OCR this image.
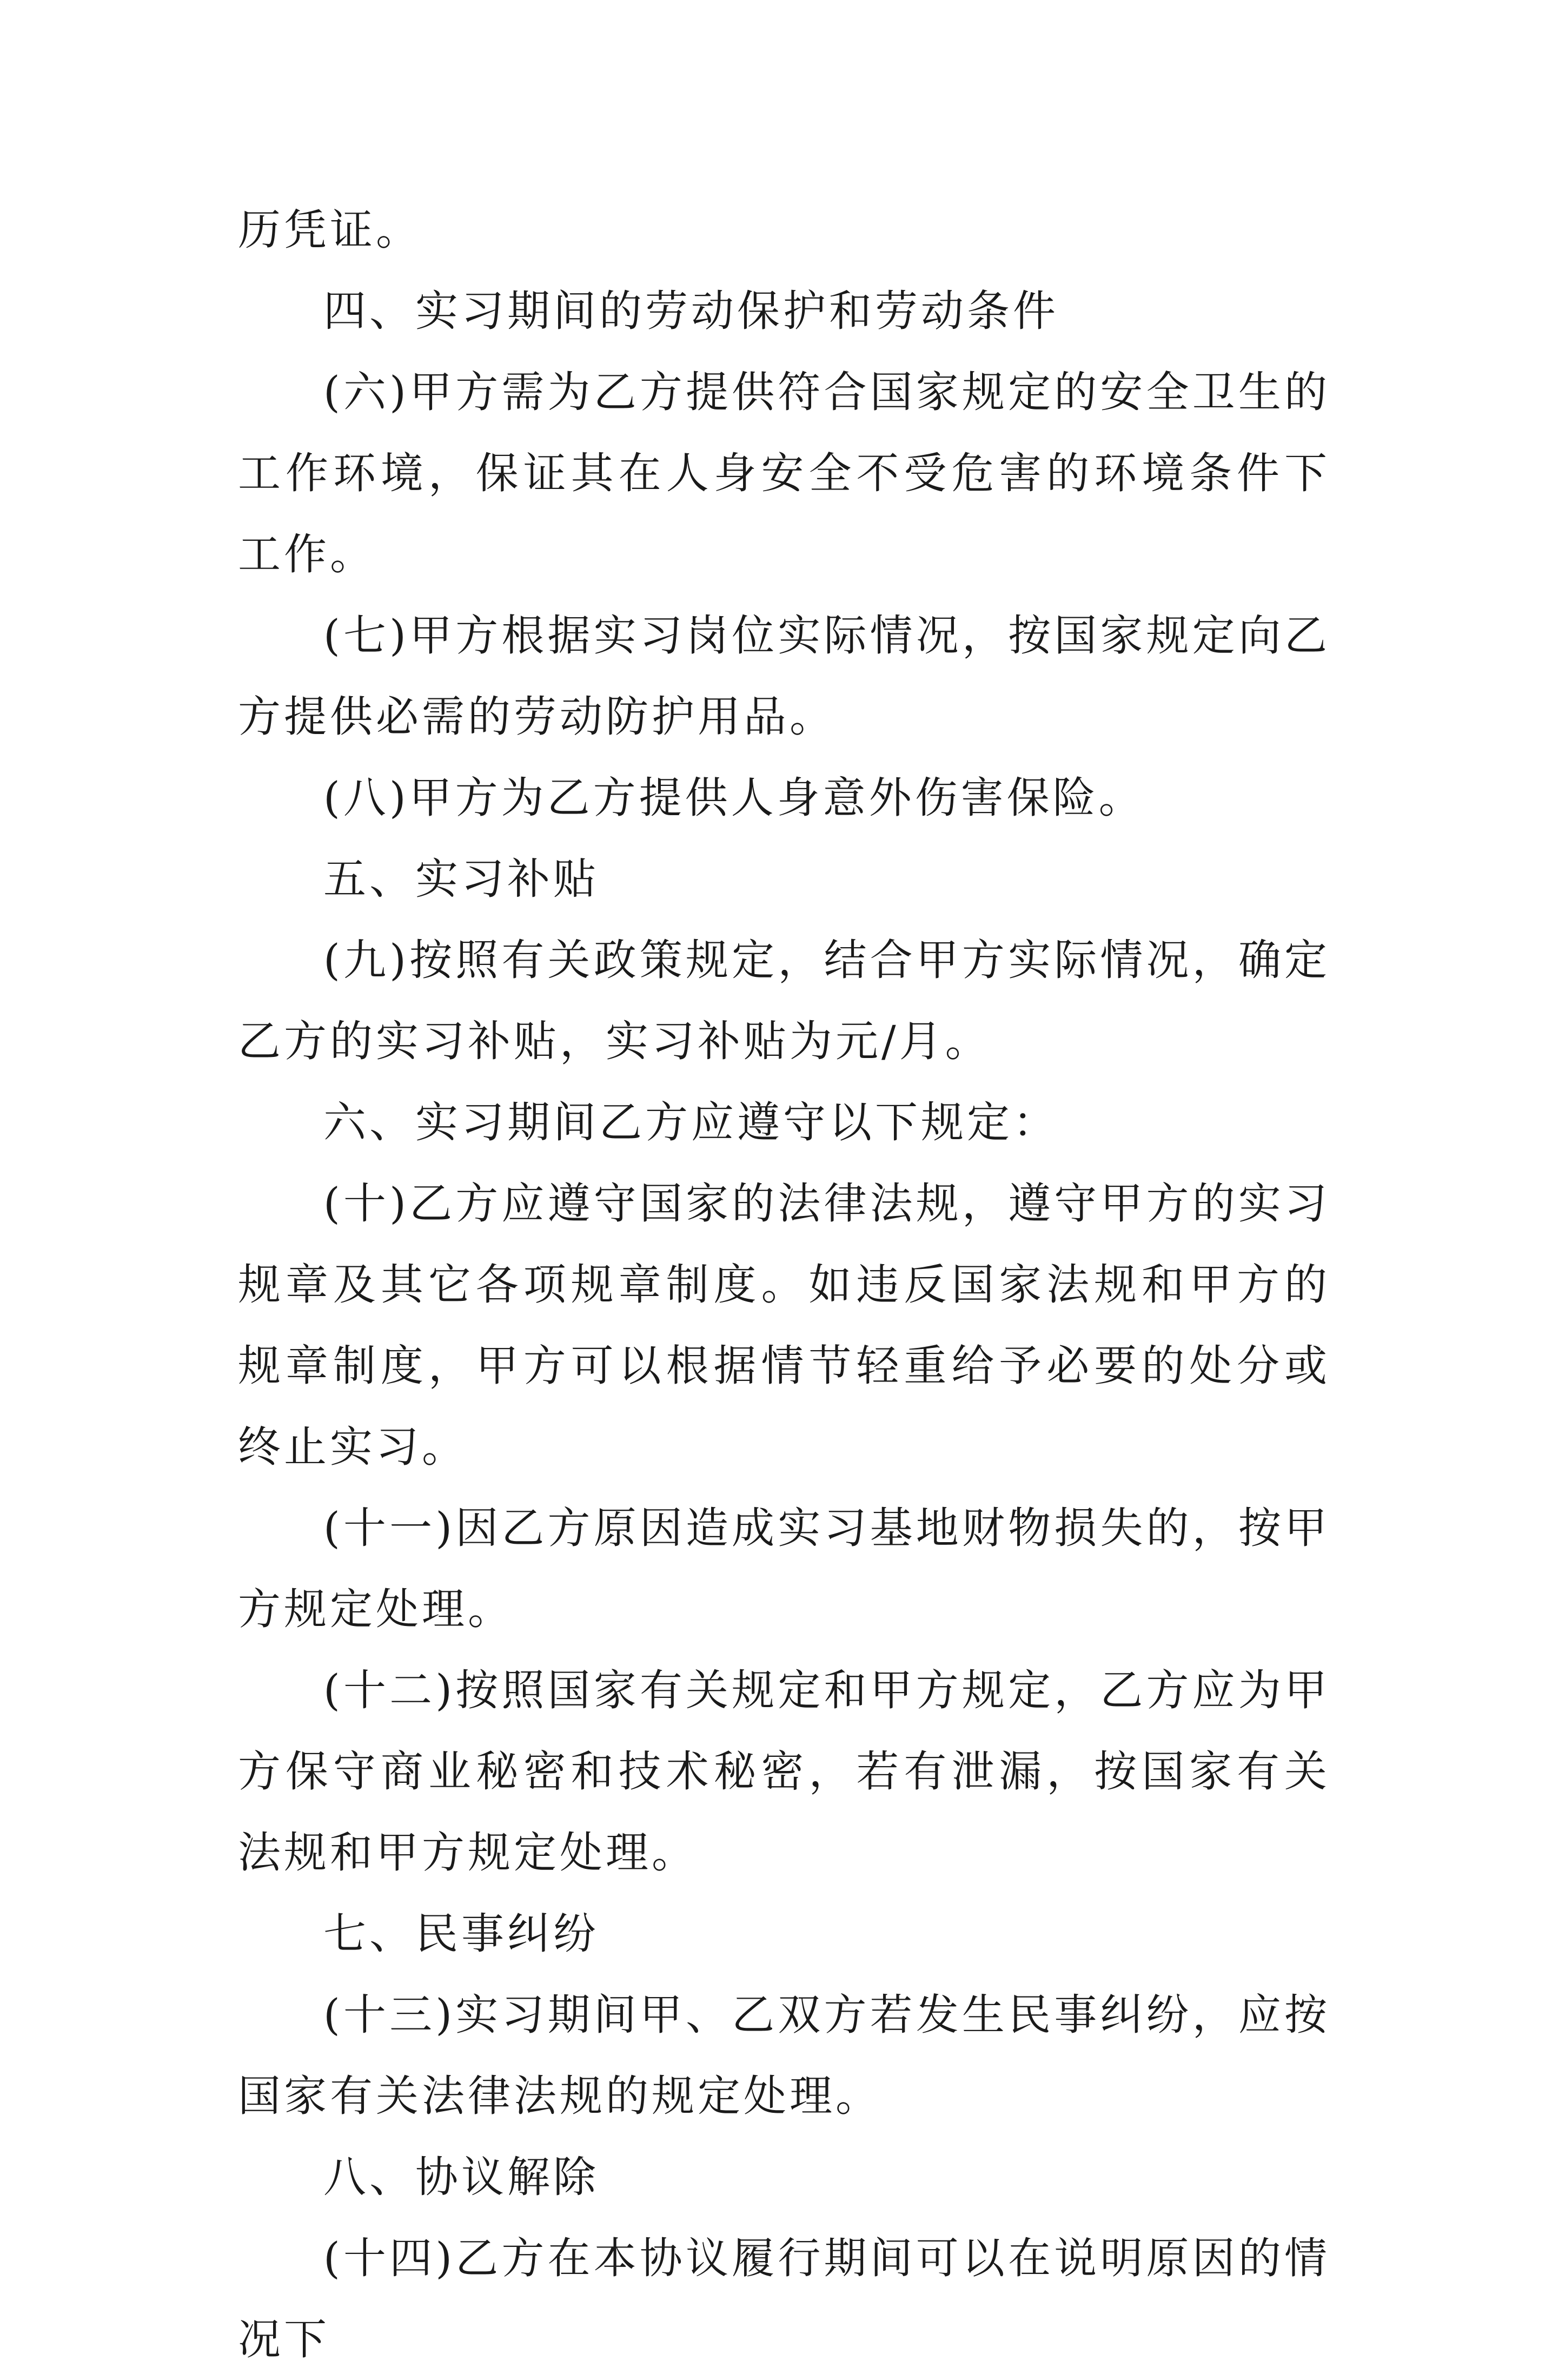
历凭证。

四、实习期间的劳动保护和劳动条件

(六)甲方需为乙方提供符合国家规定的安全卫生的工作环境，保证其在人身安全不受危害的环境条件下工作。

(七)甲方根据实习岗位实际情况，按国家规定向乙方提供必需的劳动防护用品。

(八)甲方为乙方提供人身意外伤害保险。

五、实习补贴

(九)按照有关政策规定，结合甲方实际情况，确定乙方的实习补贴，实习补贴为元/月。

六、实习期间乙方应遵守以下规定：

(十)乙方应遵守国家的法律法规，遵守甲方的实习规章及其它各项规章制度。如违反国家法规和甲方的规章制度，甲方可以根据情节轻重给予必要的处分或终止实习。

(十一)因乙方原因造成实习基地财物损失的，按甲方规定处理。

(十二)按照国家有关规定和甲方规定，乙方应为甲方保守商业秘密和技术秘密，若有泄漏，按国家有关法规和甲方规定处理。

七、民事纠纷

(十三)实习期间甲、乙双方若发生民事纠纷，应按国家有关法律法规的规定处理。

八、协议解除

(十四)乙方在本协议履行期间可以在说明原因的情况下
